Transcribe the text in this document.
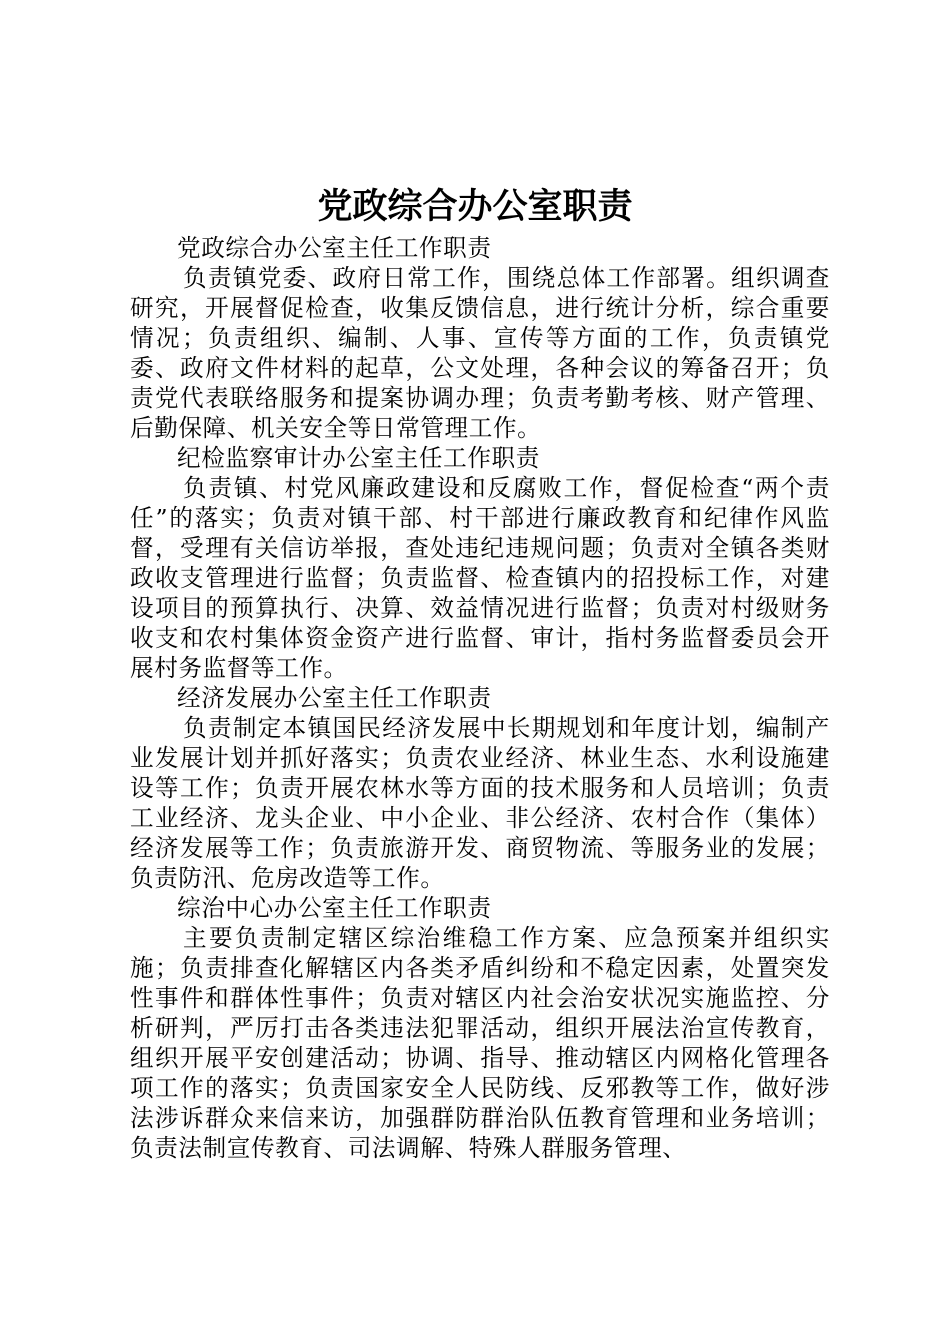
党政综合办公室职责

党政综合办公室主任工作职责

负责镇党委、政府日常工作，围绕总体工作部署。组织调查研究，开展督促检查，收集反馈信息，进行统计分析，综合重要情况；负责组织、编制、人事、宣传等方面的工作，负责镇党委、政府文件材料的起草，公文处理，各种会议的筹备召开；负责党代表联络服务和提案协调办理；负责考勤考核、财产管理、后勤保障、机关安全等日常管理工作。

纪检监察审计办公室主任工作职责

负责镇、村党风廉政建设和反腐败工作，督促检查“两个责任”的落实；负责对镇干部、村干部进行廉政教育和纪律作风监督，受理有关信访举报，查处违纪违规问题；负责对全镇各类财政收支管理进行监督；负责监督、检查镇内的招投标工作，对建设项目的预算执行、决算、效益情况进行监督；负责对村级财务收支和农村集体资金资产进行监督、审计，指村务监督委员会开展村务监督等工作。

经济发展办公室主任工作职责

负责制定本镇国民经济发展中长期规划和年度计划，编制产业发展计划并抓好落实；负责农业经济、林业生态、水利设施建设等工作；负责开展农林水等方面的技术服务和人员培训；负责工业经济、龙头企业、中小企业、非公经济、农村合作（集体）经济发展等工作；负责旅游开发、商贸物流、等服务业的发展；负责防汛、危房改造等工作。

综治中心办公室主任工作职责

主要负责制定辖区综治维稳工作方案、应急预案并组织实施；负责排查化解辖区内各类矛盾纠纷和不稳定因素，处置突发性事件和群体性事件；负责对辖区内社会治安状况实施监控、分析研判，严厉打击各类违法犯罪活动，组织开展法治宣传教育，组织开展平安创建活动；协调、指导、推动辖区内网格化管理各项工作的落实；负责国家安全人民防线、反邪教等工作，做好涉法涉诉群众来信来访，加强群防群治队伍教育管理和业务培训；负责法制宣传教育、司法调解、特殊人群服务管理、
